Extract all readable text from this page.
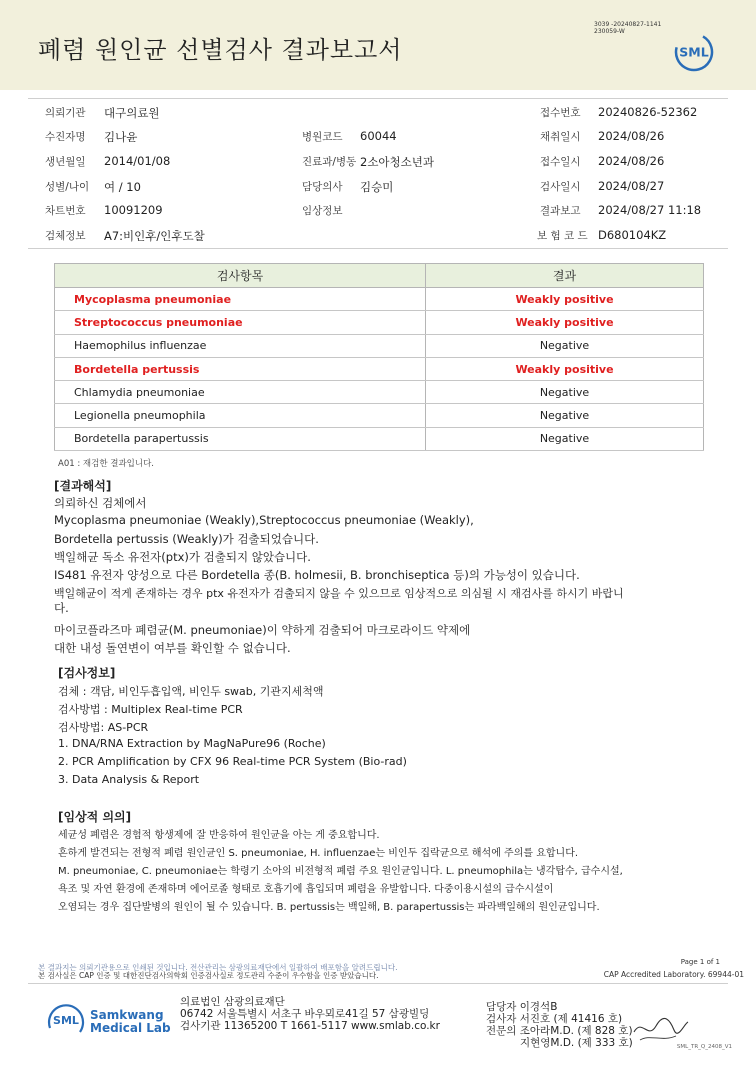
폐렴 원인균 선별검사 결과보고서
3039 -20240827-1141
230059-W
SML
의뢰기관 대구의료원	접수번호 20240826-52362
수진자명 김나윤	병원코드 60044	채취일시 2024/08/26
생년월일 2014/01/08	진료과/병동 2소아청소년과	접수일시 2024/08/26
성별/나이 여 / 10	담당의사 김승미	검사일시 2024/08/27
차트번호 10091209	임상정보	결과보고 2024/08/27 11:18
검체정보 A7:비인후/인후도찰	보 험 코 드 D680104KZ
검사항목	결과
Mycoplasma pneumoniae	Weakly positive
Streptococcus pneumoniae	Weakly positive
Haemophilus influenzae	Negative
Bordetella pertussis	Weakly positive
Chlamydia pneumoniae	Negative
Legionella pneumophila	Negative
Bordetella parapertussis	Negative
A01 : 재검한 결과입니다.
[결과해석]
의뢰하신 검체에서
Mycoplasma pneumoniae (Weakly),Streptococcus pneumoniae (Weakly),
Bordetella pertussis (Weakly)가 검출되었습니다.
백일해균 독소 유전자(ptx)가 검출되지 않았습니다.
IS481 유전자 양성으로 다른 Bordetella 종(B. holmesii, B. bronchiseptica 등)의 가능성이 있습니다.
백일해균이 적게 존재하는 경우 ptx 유전자가 검출되지 않을 수 있으므로 임상적으로 의심될 시 재검사를 하시기 바랍니
다.
마이코플라즈마 폐렴균(M. pneumoniae)이 약하게 검출되어 마크로라이드 약제에
대한 내성 돌연변이 여부를 확인할 수 없습니다.
[검사정보]
검체 : 객담, 비인두흡입액, 비인두 swab, 기관지세척액
검사방법 : Multiplex Real-time PCR
검사방법: AS-PCR
1. DNA/RNA Extraction by MagNaPure96 (Roche)
2. PCR Amplification by CFX 96 Real-time PCR System (Bio-rad)
3. Data Analysis & Report
[임상적 의의]
세균성 폐렴은 경험적 항생제에 잘 반응하여 원인균을 아는 게 중요합니다.
흔하게 발견되는 전형적 폐렴 원인균인 S. pneumoniae, H. influenzae는 비인두 집락균으로 해석에 주의를 요합니다.
M. pneumoniae, C. pneumoniae는 학령기 소아의 비전형적 폐렴 주요 원인균입니다. L. pneumophila는 냉각탑수, 급수시설,
욕조 및 자연 환경에 존재하며 에어로졸 형태로 호흡기에 흡입되며 폐렴을 유발합니다. 다중이용시설의 급수시설이
오염되는 경우 집단발병의 원인이 될 수 있습니다. B. pertussis는 백일해, B. parapertussis는 파라백일해의 원인균입니다.
본 결과지는 의뢰기관용으로 인쇄된 것입니다. 전산관리는 삼광의료재단에서 일괄하여 배포함을 알려드립니다.
본 검사실은 CAP 인증 및 대한진단검사의학회 인증검사실로 정도관리 수준이 우수함을 인증 받았습니다.
Page 1 of 1
CAP Accredited Laboratory. 69944-01
SML Samkwang
Medical Lab
의료법인 삼광의료재단
06742 서울특별시 서초구 바우뫼로41길 57 삼광빌딩
검사기관 11365200 T 1661-5117 www.smlab.co.kr
담당자 이경석B
검사자 서진호 (제 41416 호)
전문의 조아라M.D. (제 828 호)
지현영M.D. (제 333 호)	SML_TR_Q_2408_V1
